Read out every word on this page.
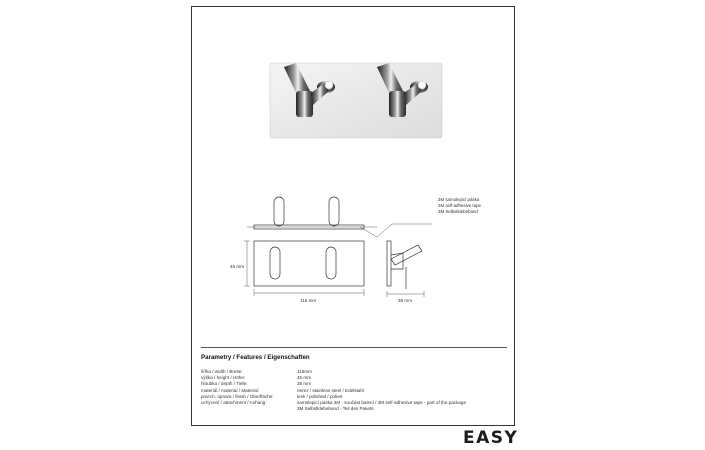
45 mm
115 mm	38 mm
3M samolepicí páska
3M self-adhesive tape
3M Selbstklebeband
Parametry / Features / Eigenschaften
šířka / width / Breite:	115mm
výška / height / Höhe:	45 mm
hloubka / depth / Tiefe:	38 mm
materiál / material / Material:	nerez / stainless steel / Edelstahl
povrch. úprava / finish / Oberfläche:	lesk / polished / poliert
uchycení / attachment / Anhang:	samolepicí páska 3M - součást balení / 3M self-adhesive tape - part of the package
	3M Selbstklebeband - Teil des Pakets
EASY
